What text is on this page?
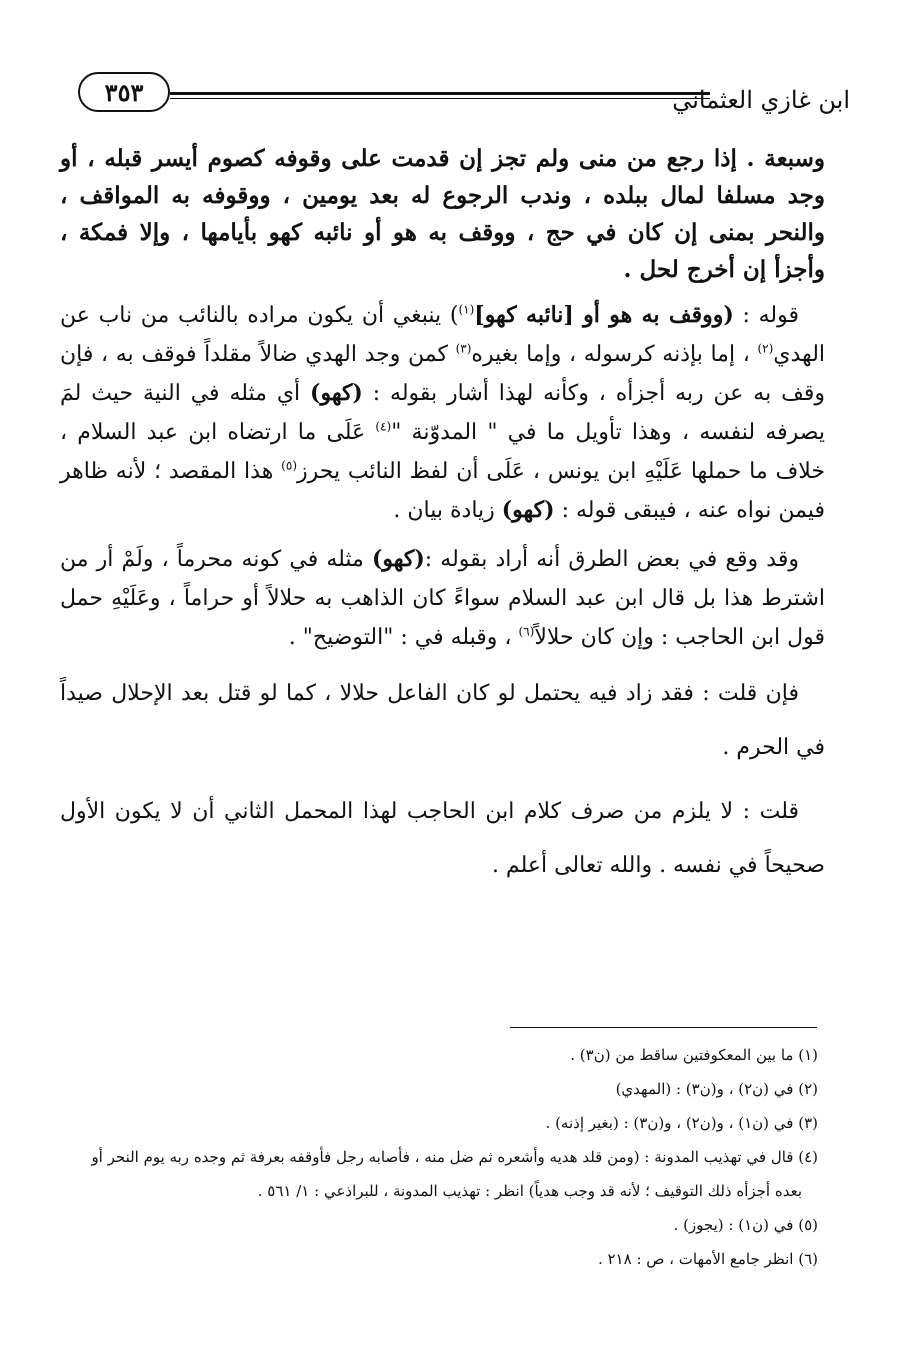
٣٥٣	ابن غازي العثماني

وسبعة . إذا رجع من منى ولم تجز إن قدمت على وقوفه كصوم أيسر قبله ، أو وجد مسلفا لمال ببلده ، وندب الرجوع له بعد يومين ، ووقوفه به المواقف ، والنحر بمنى إن كان في حج ، ووقف به هو أو نائبه كهو بأيامها ، وإلا فمكة ، وأجزأ إن أخرج لحل .

قوله : (ووقف به هو أو [نائبه كهو]$^{(١)}$) ينبغي أن يكون مراده بالنائب من ناب عن الهدي$^{(٢)}$ ، إما بإذنه كرسوله ، وإما بغيره$^{(٣)}$ كمن وجد الهدي ضالاً مقلداً فوقف به ، فإن وقف به عن ربه أجزأه ، وكأنه لهذا أشار بقوله : (كهو) أي مثله في النية حيث لمَ يصرفه لنفسه ، وهذا تأويل ما في " المدوّنة "$^{(٤)}$ عَلَى ما ارتضاه ابن عبد السلام ، خلاف ما حملها عَلَيْهِ ابن يونس ، عَلَى أن لفظ النائب يحرز$^{(٥)}$ هذا المقصد ؛ لأنه ظاهر فيمن نواه عنه ، فيبقى قوله : (كهو) زيادة بيان .

وقد وقع في بعض الطرق أنه أراد بقوله :(كهو) مثله في كونه محرماً ، ولَمْ أر من اشترط هذا بل قال ابن عبد السلام سواءً كان الذاهب به حلالاً أو حراماً ، وعَلَيْهِ حمل قول ابن الحاجب : وإن كان حلالاً$^{(٦)}$ ، وقبله في : "التوضيح" .

فإن قلت : فقد زاد فيه يحتمل لو كان الفاعل حلالا ، كما لو قتل بعد الإحلال صيداً في الحرم .

قلت : لا يلزم من صرف كلام ابن الحاجب لهذا المحمل الثاني أن لا يكون الأول صحيحاً في نفسه . والله تعالى أعلم .

(١) ما بين المعكوفتين ساقط من (ن٣) .

(٢) في (ن٢) ، و(ن٣) : (المهدي)

(٣) في (ن١) ، و(ن٢) ، و(ن٣) : (بغير إذنه) .

(٤) قال في تهذيب المدونة : (ومن قلد هديه وأشعره ثم ضل منه ، فأصابه رجل فأوقفه بعرفة ثم وجده ربه يوم النحر أو

بعده أجزأه ذلك التوقيف ؛ لأنه قد وجب هدياً) انظر : تهذيب المدونة ، للبراذعي : ١/ ٥٦١ .

(٥) في (ن١) : (يجوز) .

(٦) انظر جامع الأمهات ، ص : ٢١٨ .
